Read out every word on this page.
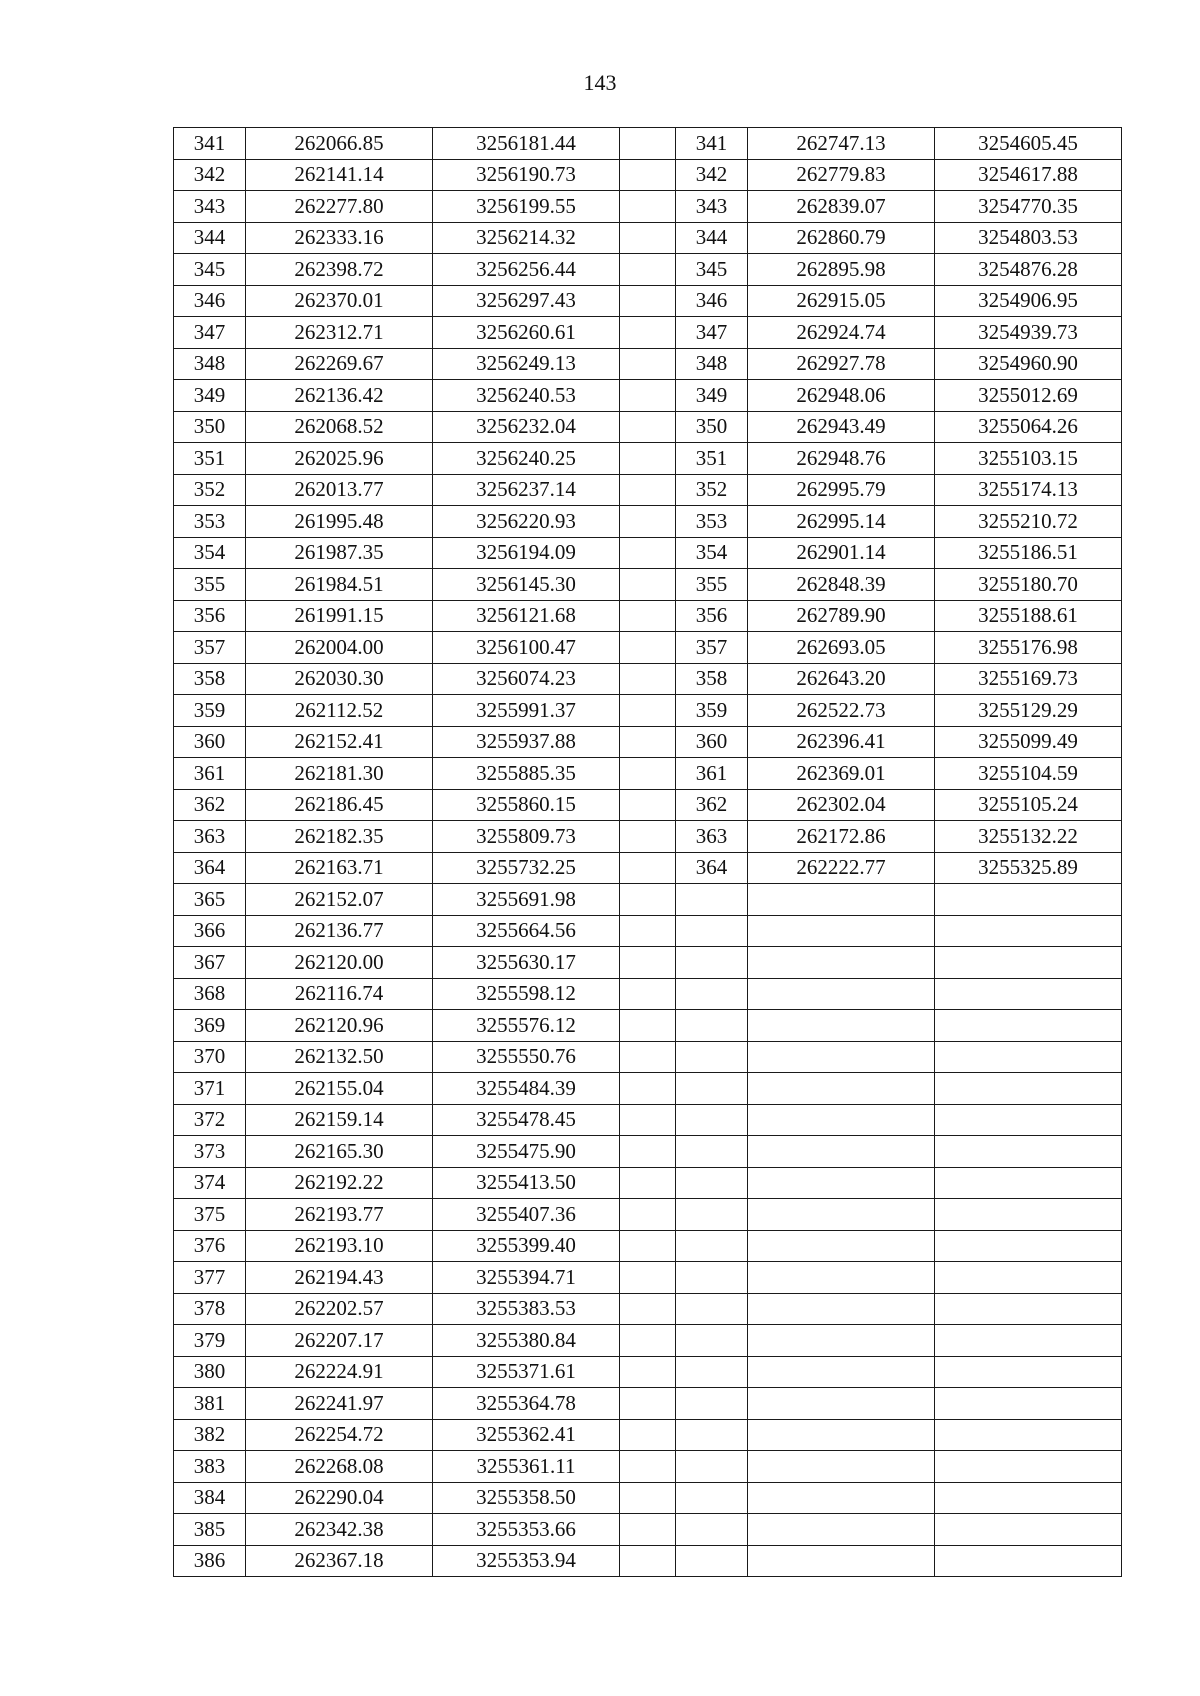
143
341	262066.85	3256181.44		341	262747.13	3254605.45
342	262141.14	3256190.73		342	262779.83	3254617.88
343	262277.80	3256199.55		343	262839.07	3254770.35
344	262333.16	3256214.32		344	262860.79	3254803.53
345	262398.72	3256256.44		345	262895.98	3254876.28
346	262370.01	3256297.43		346	262915.05	3254906.95
347	262312.71	3256260.61		347	262924.74	3254939.73
348	262269.67	3256249.13		348	262927.78	3254960.90
349	262136.42	3256240.53		349	262948.06	3255012.69
350	262068.52	3256232.04		350	262943.49	3255064.26
351	262025.96	3256240.25		351	262948.76	3255103.15
352	262013.77	3256237.14		352	262995.79	3255174.13
353	261995.48	3256220.93		353	262995.14	3255210.72
354	261987.35	3256194.09		354	262901.14	3255186.51
355	261984.51	3256145.30		355	262848.39	3255180.70
356	261991.15	3256121.68		356	262789.90	3255188.61
357	262004.00	3256100.47		357	262693.05	3255176.98
358	262030.30	3256074.23		358	262643.20	3255169.73
359	262112.52	3255991.37		359	262522.73	3255129.29
360	262152.41	3255937.88		360	262396.41	3255099.49
361	262181.30	3255885.35		361	262369.01	3255104.59
362	262186.45	3255860.15		362	262302.04	3255105.24
363	262182.35	3255809.73		363	262172.86	3255132.22
364	262163.71	3255732.25		364	262222.77	3255325.89
365	262152.07	3255691.98				
366	262136.77	3255664.56				
367	262120.00	3255630.17				
368	262116.74	3255598.12				
369	262120.96	3255576.12				
370	262132.50	3255550.76				
371	262155.04	3255484.39				
372	262159.14	3255478.45				
373	262165.30	3255475.90				
374	262192.22	3255413.50				
375	262193.77	3255407.36				
376	262193.10	3255399.40				
377	262194.43	3255394.71				
378	262202.57	3255383.53				
379	262207.17	3255380.84				
380	262224.91	3255371.61				
381	262241.97	3255364.78				
382	262254.72	3255362.41				
383	262268.08	3255361.11				
384	262290.04	3255358.50				
385	262342.38	3255353.66				
386	262367.18	3255353.94				
